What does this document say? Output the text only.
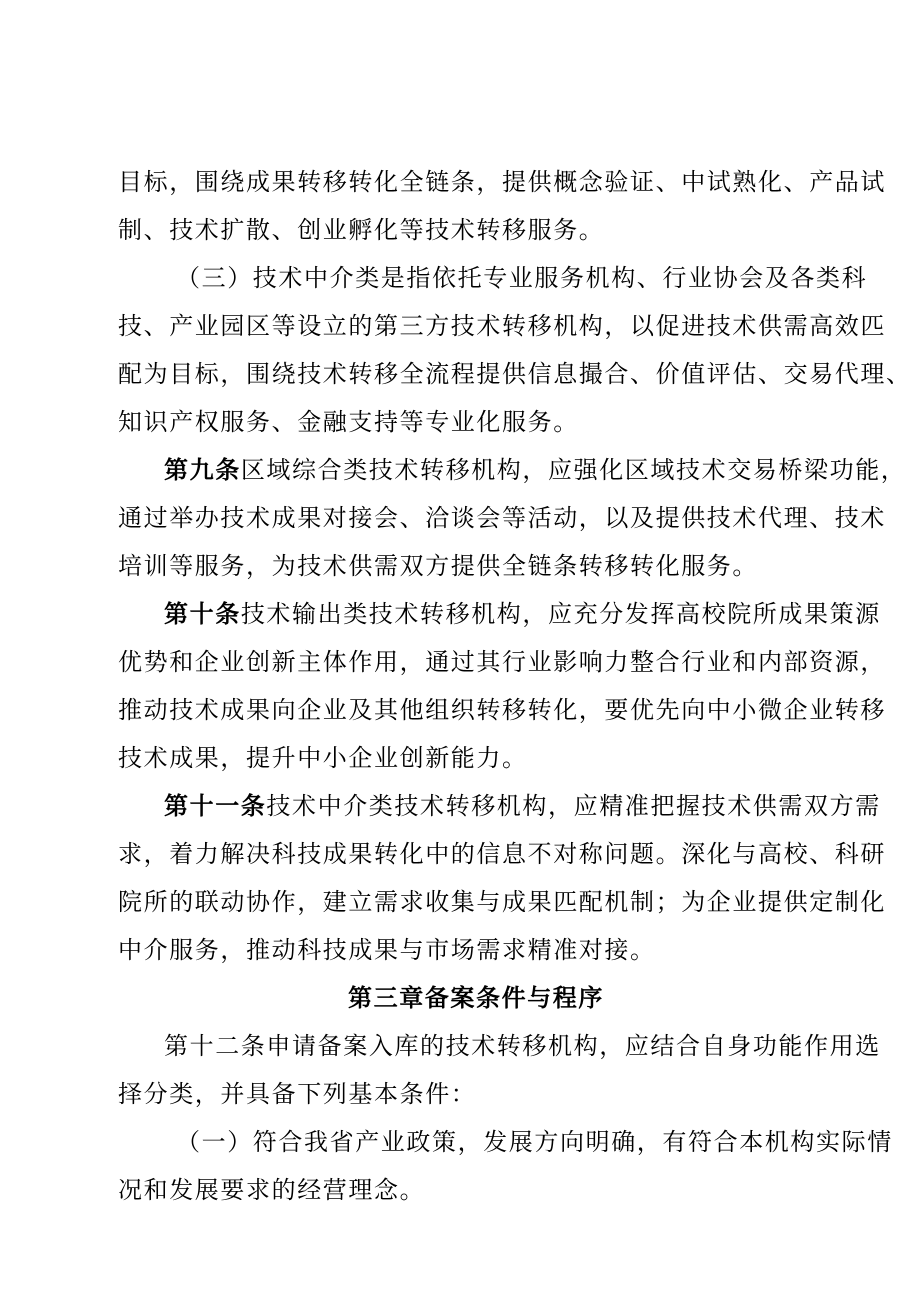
目标，围绕成果转移转化全链条，提供概念验证、中试熟化、产品试
制、技术扩散、创业孵化等技术转移服务。
（三）技术中介类是指依托专业服务机构、行业协会及各类科
技、产业园区等设立的第三方技术转移机构，以促进技术供需高效匹
配为目标，围绕技术转移全流程提供信息撮合、价值评估、交易代理、
知识产权服务、金融支持等专业化服务。
第九条区域综合类技术转移机构，应强化区域技术交易桥梁功能，
通过举办技术成果对接会、洽谈会等活动，以及提供技术代理、技术
培训等服务，为技术供需双方提供全链条转移转化服务。
第十条技术输出类技术转移机构，应充分发挥高校院所成果策源
优势和企业创新主体作用，通过其行业影响力整合行业和内部资源，
推动技术成果向企业及其他组织转移转化，要优先向中小微企业转移
技术成果，提升中小企业创新能力。
第十一条技术中介类技术转移机构，应精准把握技术供需双方需
求，着力解决科技成果转化中的信息不对称问题。深化与高校、科研
院所的联动协作，建立需求收集与成果匹配机制；为企业提供定制化
中介服务，推动科技成果与市场需求精准对接。
第三章备案条件与程序
第十二条申请备案入库的技术转移机构，应结合自身功能作用选
择分类，并具备下列基本条件：
（一）符合我省产业政策，发展方向明确，有符合本机构实际情
况和发展要求的经营理念。
